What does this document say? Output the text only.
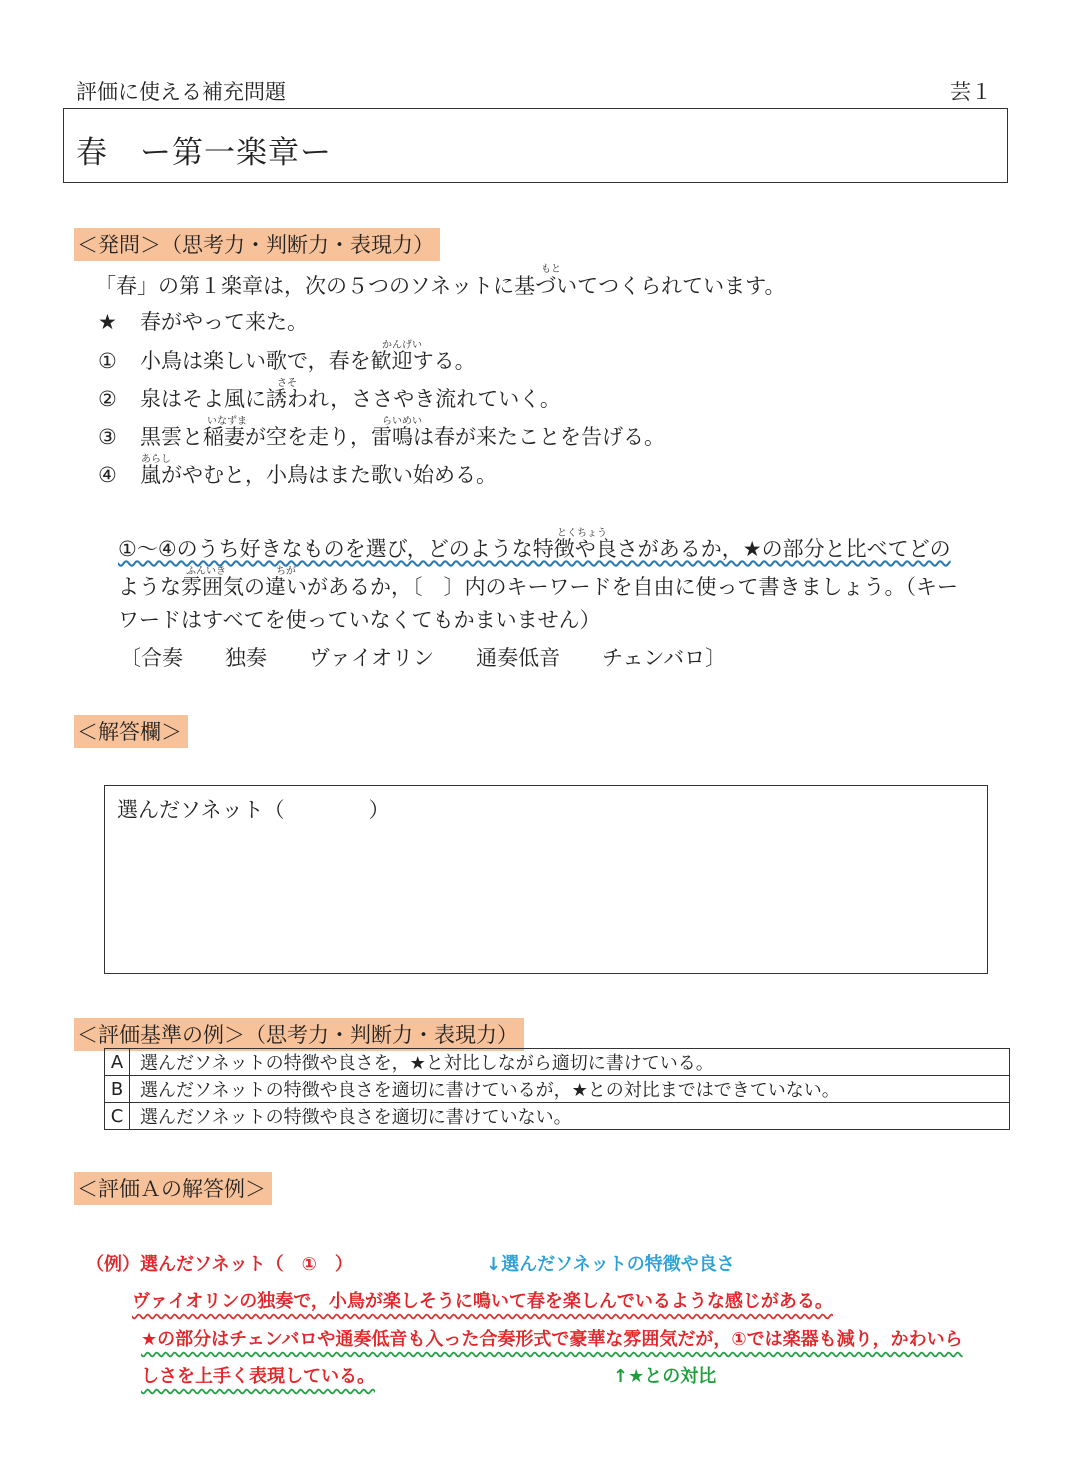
評価に使える補充問題	芸１
春　ー第一楽章ー
＜発問＞（思考力・判断力・表現力）
「春」の第１楽章は，次の５つのソネットに基づいてつくられています。
もと
★ 春がやって来た。
かんげい
① 小鳥は楽しい歌で，春を歓迎する。
さそ
② 泉はそよ風に誘われ，ささやき流れていく。
いなずま	らいめい
③ 黒雲と稲妻が空を走り，雷鳴は春が来たことを告げる。
あらし
④ 嵐がやむと，小鳥はまた歌い始める。
とくちょう
①〜④のうち好きなものを選び，どのような特徴や良さがあるか，★の部分と比べてどの
ふんいき	ちが
ような雰囲気の違いがあるか，〔　〕内のキーワードを自由に使って書きましょう。（キー
ワードはすべてを使っていなくてもかまいません）
〔合奏 独奏 ヴァイオリン 通奏低音 チェンバロ〕
＜解答欄＞
選んだソネット（　　　　）
＜評価基準の例＞（思考力・判断力・表現力）
A	選んだソネットの特徴や良さを，★と対比しながら適切に書けている。
B	選んだソネットの特徴や良さを適切に書けているが，★との対比まではできていない。
C	選んだソネットの特徴や良さを適切に書けていない。
＜評価Ａの解答例＞
（例）選んだソネット（　①　）	↓選んだソネットの特徴や良さ
ヴァイオリンの独奏で，小鳥が楽しそうに鳴いて春を楽しんでいるような感じがある。
★の部分はチェンバロや通奏低音も入った合奏形式で豪華な雰囲気だが，①では楽器も減り，かわいら
しさを上手く表現している。	↑★との対比
